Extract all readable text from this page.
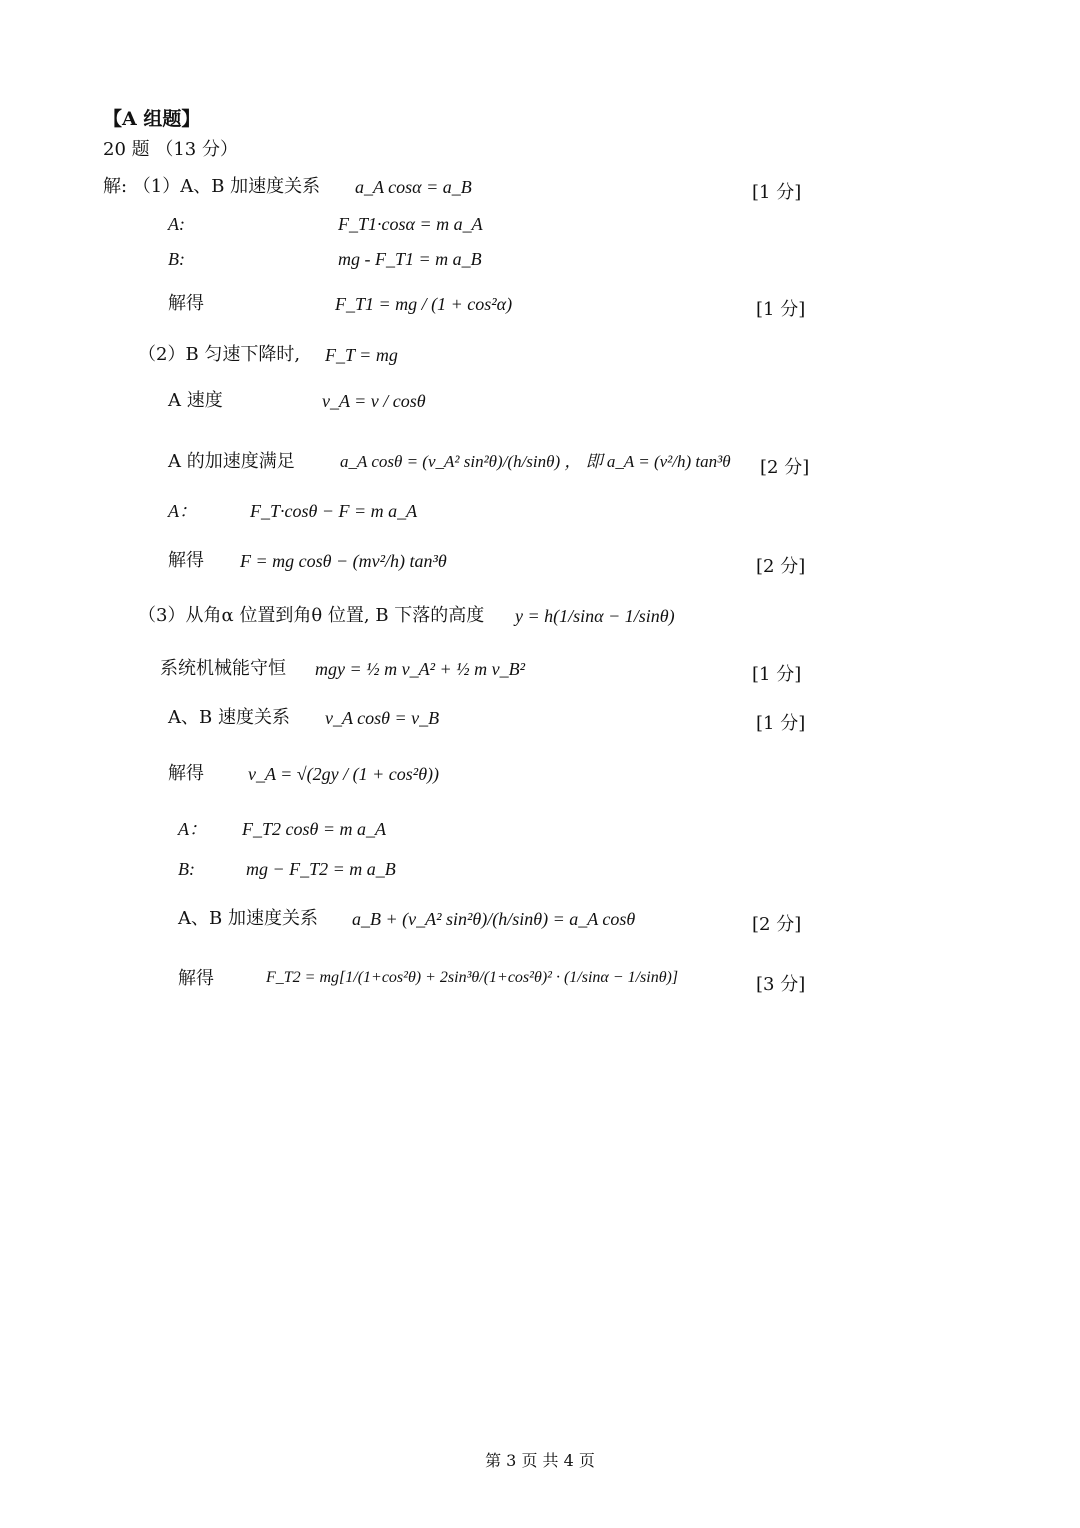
【A 组题】
20 题 （13 分）
解: （1）A、B 加速度关系 a_A cosα = a_B	[1 分]
A:	F_T1·cosα = m a_A
B:	mg - F_T1 = m a_B
解得	F_T1 = mg / (1 + cos²α)	[1 分]
（2）B 匀速下降时, F_T = mg
A 速度	v_A = v / cosθ
A 的加速度满足	a_A cosθ = (v_A² sin²θ)/(h/sinθ) ， 即 a_A = (v²/h) tan³θ [2 分]
A：	F_T·cosθ − F = m a_A
解得 F = mg cosθ − (mv²/h) tan³θ	[2 分]
（3）从角α 位置到角θ 位置, B 下落的高度 y = h(1/sinα − 1/sinθ)
系统机械能守恒 mgy = ½ m v_A² + ½ m v_B²	[1 分]
A、B 速度关系 v_A cosθ = v_B	[1 分]
解得 v_A = √(2gy / (1 + cos²θ))
A： F_T2 cosθ = m a_A
B:	mg − F_T2 = m a_B
A、B 加速度关系 a_B + (v_A² sin²θ)/(h/sinθ) = a_A cosθ	[2 分]
解得	F_T2 = mg[1/(1+cos²θ) + 2sin³θ/(1+cos²θ)² · (1/sinα − 1/sinθ)]	[3 分]
第 3 页 共 4 页
